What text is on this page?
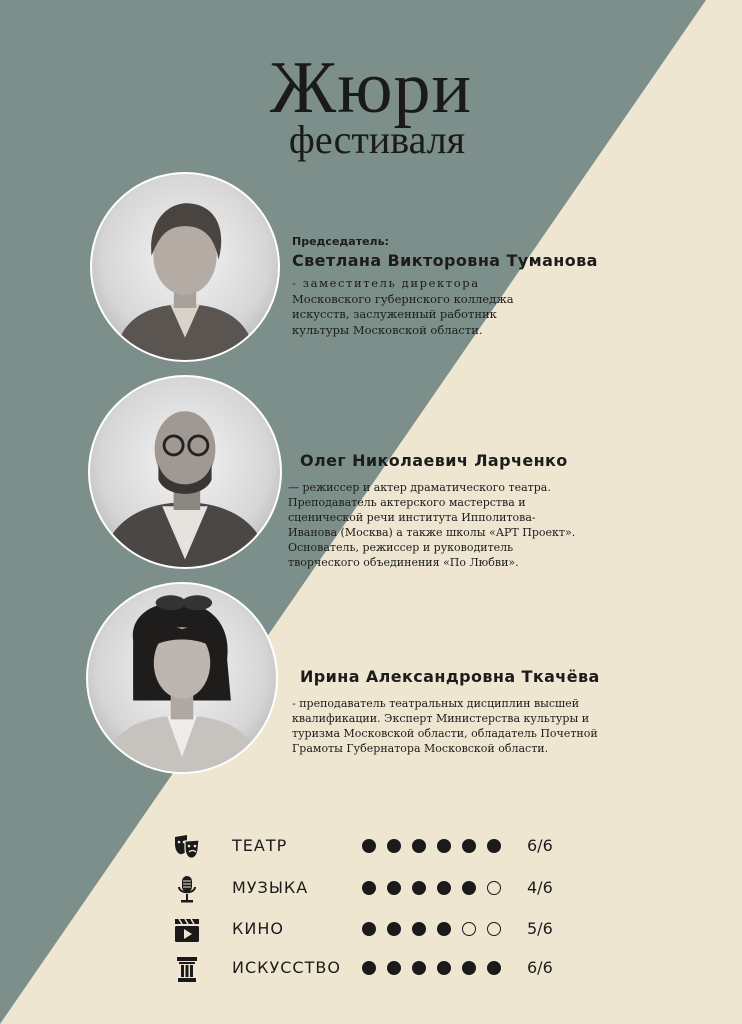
Жюри
фестиваля
Председатель:
Светлана Викторовна Туманова
- заместитель директора
Московского губернского колледжа
искусств, заслуженный работник
культуры Московской области.
Олег Николаевич Ларченко
— режиссер и актер драматического театра.
Преподаватель актерского мастерства и
сценической речи института Ипполитова-
Иванова (Москва) а также школы «АРТ Проект».
Основатель, режиссер и руководитель
творческого объединения «По Любви».
Ирина Александровна Ткачёва
- преподаватель театральных дисциплин высшей
квалификации. Эксперт Министерства культуры и
туризма Московской области, обладатель Почетной
Грамоты Губернатора Московской области.
ТЕАТР	6/6
МУЗЫКА	4/6
КИНО	5/6
ИСКУССТВО	6/6
